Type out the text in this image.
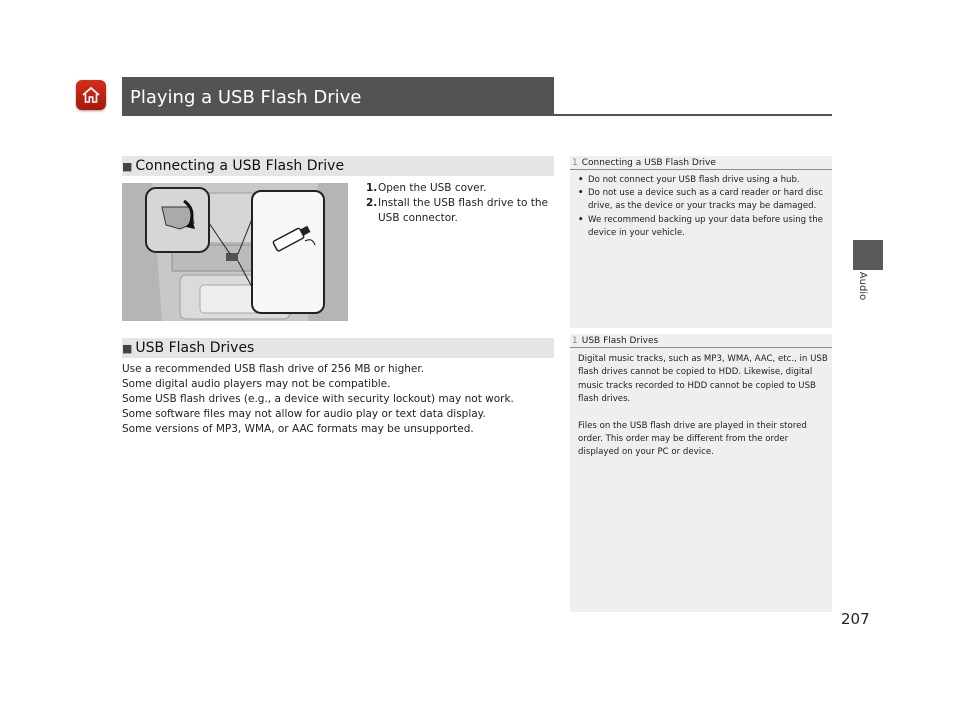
Playing a USB Flash Drive
Audio
■ Connecting a USB Flash Drive
1. Open the USB cover.
2. Install the USB flash drive to the USB connector.
■ USB Flash Drives
Use a recommended USB flash drive of 256 MB or higher.
Some digital audio players may not be compatible.
Some USB flash drives (e.g., a device with security lockout) may not work.
Some software files may not allow for audio play or text data display.
Some versions of MP3, WMA, or AAC formats may be unsupported.
1 Connecting a USB Flash Drive
• Do not connect your USB flash drive using a hub.
• Do not use a device such as a card reader or hard disc drive, as the device or your tracks may be damaged.
• We recommend backing up your data before using the device in your vehicle.
1 USB Flash Drives

Digital music tracks, such as MP3, WMA, AAC, etc., in USB flash drives cannot be copied to HDD. Likewise, digital music tracks recorded to HDD cannot be copied to USB flash drives.

Files on the USB flash drive are played in their stored order. This order may be different from the order displayed on your PC or device.

207
